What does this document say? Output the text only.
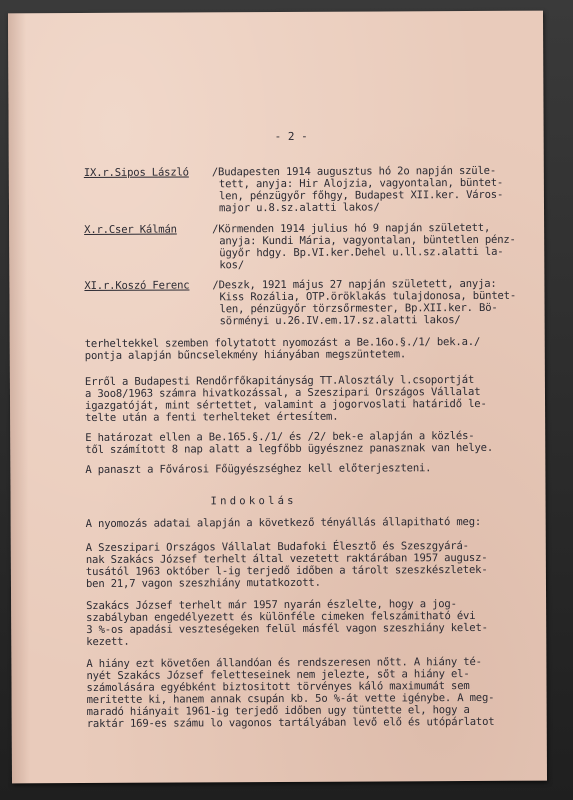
- 2 -
IX.r.Sipos László /Budapesten 1914 augusztus hó 2o napján szüle-
tett, anyja: Hir Alojzia, vagyontalan, büntet-
len, pénzügyőr főhgy, Budapest XII.ker. Város-
major u.8.sz.alatti lakos/
X.r.Cser Kálmán	/Körmenden 1914 julius hó 9 napján született,
anyja: Kundi Mária, vagyontalan, büntetlen pénz-
ügyőr hdgy. Bp.VI.ker.Dehel u.ll.sz.alatti la-
kos/
XI.r.Koszó Ferenc /Deszk, 1921 május 27 napján született, anyja:
Kiss Rozália, OTP.öröklakás tulajdonosa, büntet-
len, pénzügyőr törzsőrmester, Bp.XII.ker. Bö-
sörményi u.26.IV.em.17.sz.alatti lakos/
terheltekkel szemben folytatott nyomozást a Be.16o.§./1/ bek.a./
pontja alapján bűncselekmény hiányában megszüntetem.
Erről a Budapesti Rendőrfőkapitányság TT.Alosztály l.csoportját
a 3oo8/1963 számra hivatkozással, a Szeszipari Országos Vállalat
igazgatóját, mint sértettet, valamint a jogorvoslati határidő le-
telte után a fenti terhelteket értesítem.
E határozat ellen a Be.165.§./1/ és /2/ bek-e alapján a közlés-
től számított 8 nap alatt a legfőbb ügyésznez panasznak van helye.
A panaszt a Fővárosi Főügyészséghez kell előterjeszteni.
Indokolás
A nyomozás adatai alapján a következő tényállás állapitható meg:
A Szeszipari Országos Vállalat Budafoki Élesztő és Szeszgyárá-
nak Szakács József terhelt által vezetett raktárában 1957 augusz-
tusától 1963 október l-ig terjedő időben a tárolt szeszkészletek-
ben 21,7 vagon szeszhiány mutatkozott.
Szakács József terhelt már 1957 nyarán észlelte, hogy a jog-
szabályban engedélyezett és különféle cimeken felszámitható évi
3 %-os apadási veszteségeken felül másfél vagon szeszhiány kelet-
kezett.
A hiány ezt követően állandóan és rendszeresen nőtt. A hiány té-
nyét Szakács József feletteseinek nem jelezte, sőt a hiány el-
számolására egyébként biztositott törvényes káló maximumát sem
meritette ki, hanem annak csupán kb. 5o %-át vette igénybe. A meg-
maradó hiányait 1961-ig terjedő időben ugy tüntette el, hogy a
raktár 169-es számu lo vagonos tartályában levő elő és utópárlatot
